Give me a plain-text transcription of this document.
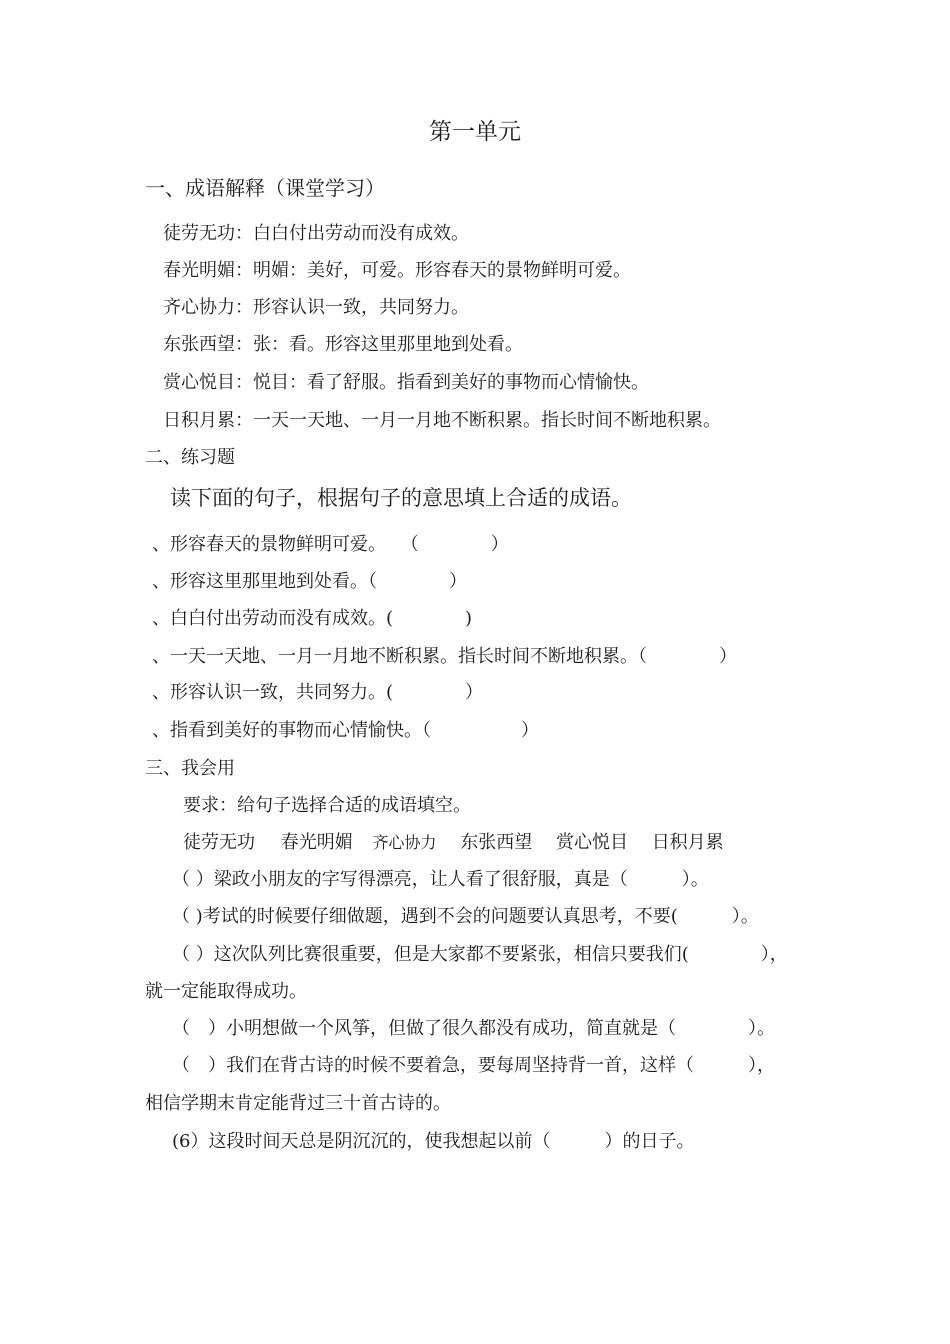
第一单元
一、成语解释（课堂学习）
徒劳无功：白白付出劳动而没有成效。
春光明媚：明媚：美好，可爱。形容春天的景物鲜明可爱。
齐心协力：形容认识一致，共同努力。
东张西望：张：看。形容这里那里地到处看。
赏心悦目：悦目：看了舒服。指看到美好的事物而心情愉快。
日积月累：一天一天地、一月一月地不断积累。指长时间不断地积累。
二、练习题
读下面的句子，根据句子的意思填上合适的成语。
、形容春天的景物鲜明可爱。　 （　　　　）
、形容这里那里地到处看。（　　　　）
、白白付出劳动而没有成效。(　　　　)
、一天一天地、一月一月地不断积累。指长时间不断地积累。（　　　　）
、形容认识一致，共同努力。(　　　　）
、指看到美好的事物而心情愉快。（　　　　　）
三、我会用
要求：给句子选择合适的成语填空。
徒劳无功 春光明媚 齐心协力 东张西望 赏心悦目 日积月累
（ ）梁政小朋友的字写得漂亮，让人看了很舒服，真是（　　　）。
（ )考试的时候要仔细做题，遇到不会的问题要认真思考，不要(　　　）。
（ ）这次队列比赛很重要，但是大家都不要紧张，相信只要我们(　　　　），
就一定能取得成功。
（　）小明想做一个风筝，但做了很久都没有成功，简直就是（　　　　）。
（　）我们在背古诗的时候不要着急，要每周坚持背一首，这样（　　　），
相信学期末肯定能背过三十首古诗的。
(6）这段时间天总是阴沉沉的，使我想起以前（　　　）的日子。
